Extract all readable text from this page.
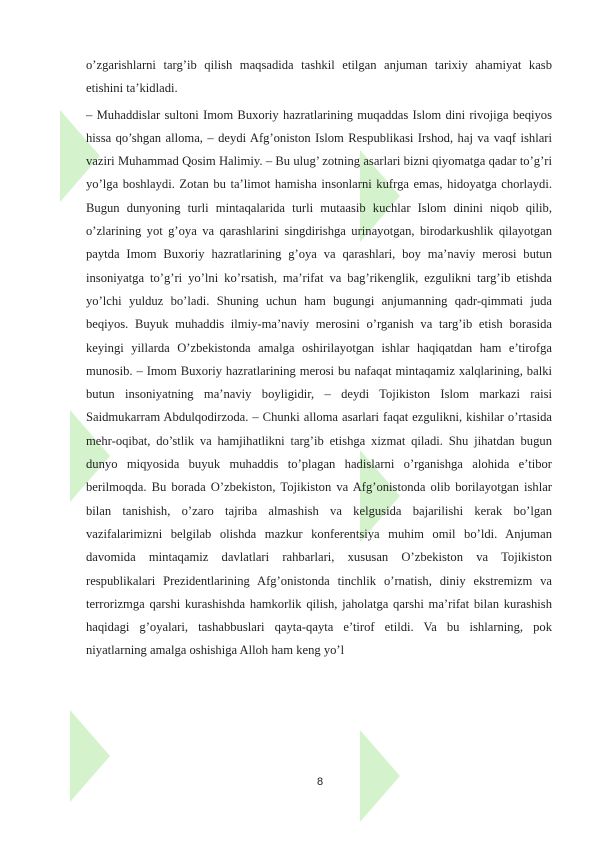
o’zgarishlarni targ’ib qilish maqsadida tashkil etilgan anjuman tarixiy ahamiyat kasb etishini ta’kidladi.

– Muhaddislar sultoni Imom Buxoriy hazratlarining muqaddas Islom dini rivojiga beqiyos hissa qo’shgan alloma, – deydi Afg’oniston Islom Respublikasi Irshod, haj va vaqf ishlari vaziri Muhammad Qosim Halimiy. – Bu ulug’ zotning asarlari bizni qiyomatga qadar to’g’ri yo’lga boshlaydi. Zotan bu ta’limot hamisha insonlarni kufrga emas, hidoyatga chorlaydi. Bugun dunyoning turli mintaqalarida turli mutaasib kuchlar Islom dinini niqob qilib, o’zlarining yot g’oya va qarashlarini singdirishga urinayotgan, birodarkushlik qilayotgan paytda Imom Buxoriy hazratlarining g’oya va qarashlari, boy ma’naviy merosi butun insoniyatga to’g’ri yo’lni ko’rsatish, ma’rifat va bag’rikenglik, ezgulikni targ’ib etishda yo’lchi yulduz bo’ladi. Shuning uchun ham bugungi anjumanning qadr-qimmati juda beqiyos. Buyuk muhaddis ilmiy-ma’naviy merosini o’rganish va targ’ib etish borasida keyingi yillarda O’zbekistonda amalga oshirilayotgan ishlar haqiqatdan ham e’tirofga munosib. – Imom Buxoriy hazratlarining merosi bu nafaqat mintaqamiz xalqlarining, balki butun insoniyatning ma’naviy boyligidir, – deydi Tojikiston Islom markazi raisi Saidmukarram Abdulqodirzoda. – Chunki alloma asarlari faqat ezgulikni, kishilar o’rtasida mehr-oqibat, do’stlik va hamjihatlikni targ’ib etishga xizmat qiladi. Shu jihatdan bugun dunyo miqyosida buyuk muhaddis to’plagan hadislarni o’rganishga alohida e’tibor berilmoqda. Bu borada O’zbekiston, Tojikiston va Afg’onistonda olib borilayotgan ishlar bilan tanishish, o’zaro tajriba almashish va kelgusida bajarilishi kerak bo’lgan vazifalarimizni belgilab olishda mazkur konferentsiya muhim omil bo’ldi. Anjuman davomida mintaqamiz davlatlari rahbarlari, xususan O’zbekiston va Tojikiston respublikalari Prezidentlarining Afg’onistonda tinchlik o’rnatish, diniy ekstremizm va terrorizmga qarshi kurashishda hamkorlik qilish, jaholatga qarshi ma’rifat bilan kurashish haqidagi g’oyalari, tashabbuslari qayta-qayta e’tirof etildi. Va bu ishlarning, pok niyatlarning amalga oshishiga Alloh ham keng yo’l

8
